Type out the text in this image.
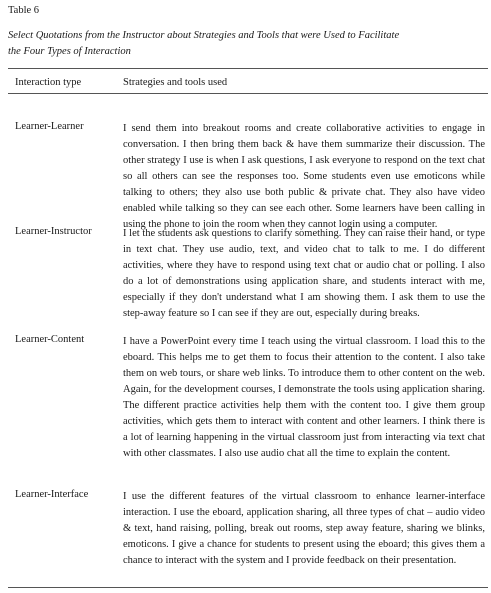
Table 6
Select Quotations from the Instructor about Strategies and Tools that were Used to Facilitate the Four Types of Interaction
Interaction type	Strategies and tools used
Learner-Learner	I send them into breakout rooms and create collaborative activities to engage in conversation. I then bring them back & have them summarize their discussion. The other strategy I use is when I ask questions, I ask everyone to respond on the text chat so all others can see the responses too. Some students even use emoticons while talking to others; they also use both public & private chat. They also have video enabled while talking so they can see each other. Some learners have been calling in using the phone to join the room when they cannot login using a computer.
Learner-Instructor	I let the students ask questions to clarify something. They can raise their hand, or type in text chat. They use audio, text, and video chat to talk to me. I do different activities, where they have to respond using text chat or audio chat or polling. I also do a lot of demonstrations using application share, and students interact with me, especially if they don't understand what I am showing them. I ask them to use the step-away feature so I can see if they are out, especially during breaks.
Learner-Content	I have a PowerPoint every time I teach using the virtual classroom. I load this to the eboard. This helps me to get them to focus their attention to the content. I also take them on web tours, or share web links. To introduce them to other content on the web. Again, for the development courses, I demonstrate the tools using application sharing. The different practice activities help them with the content too. I give them group activities, which gets them to interact with content and other learners. I think there is a lot of learning happening in the virtual classroom just from interacting via text chat with other classmates. I also use audio chat all the time to explain the content.
Learner-Interface	I use the different features of the virtual classroom to enhance learner-interface interaction. I use the eboard, application sharing, all three types of chat – audio video & text, hand raising, polling, break out rooms, step away feature, sharing we blinks, emoticons. I give a chance for students to present using the eboard; this gives them a chance to interact with the system and I provide feedback on their presentation.
